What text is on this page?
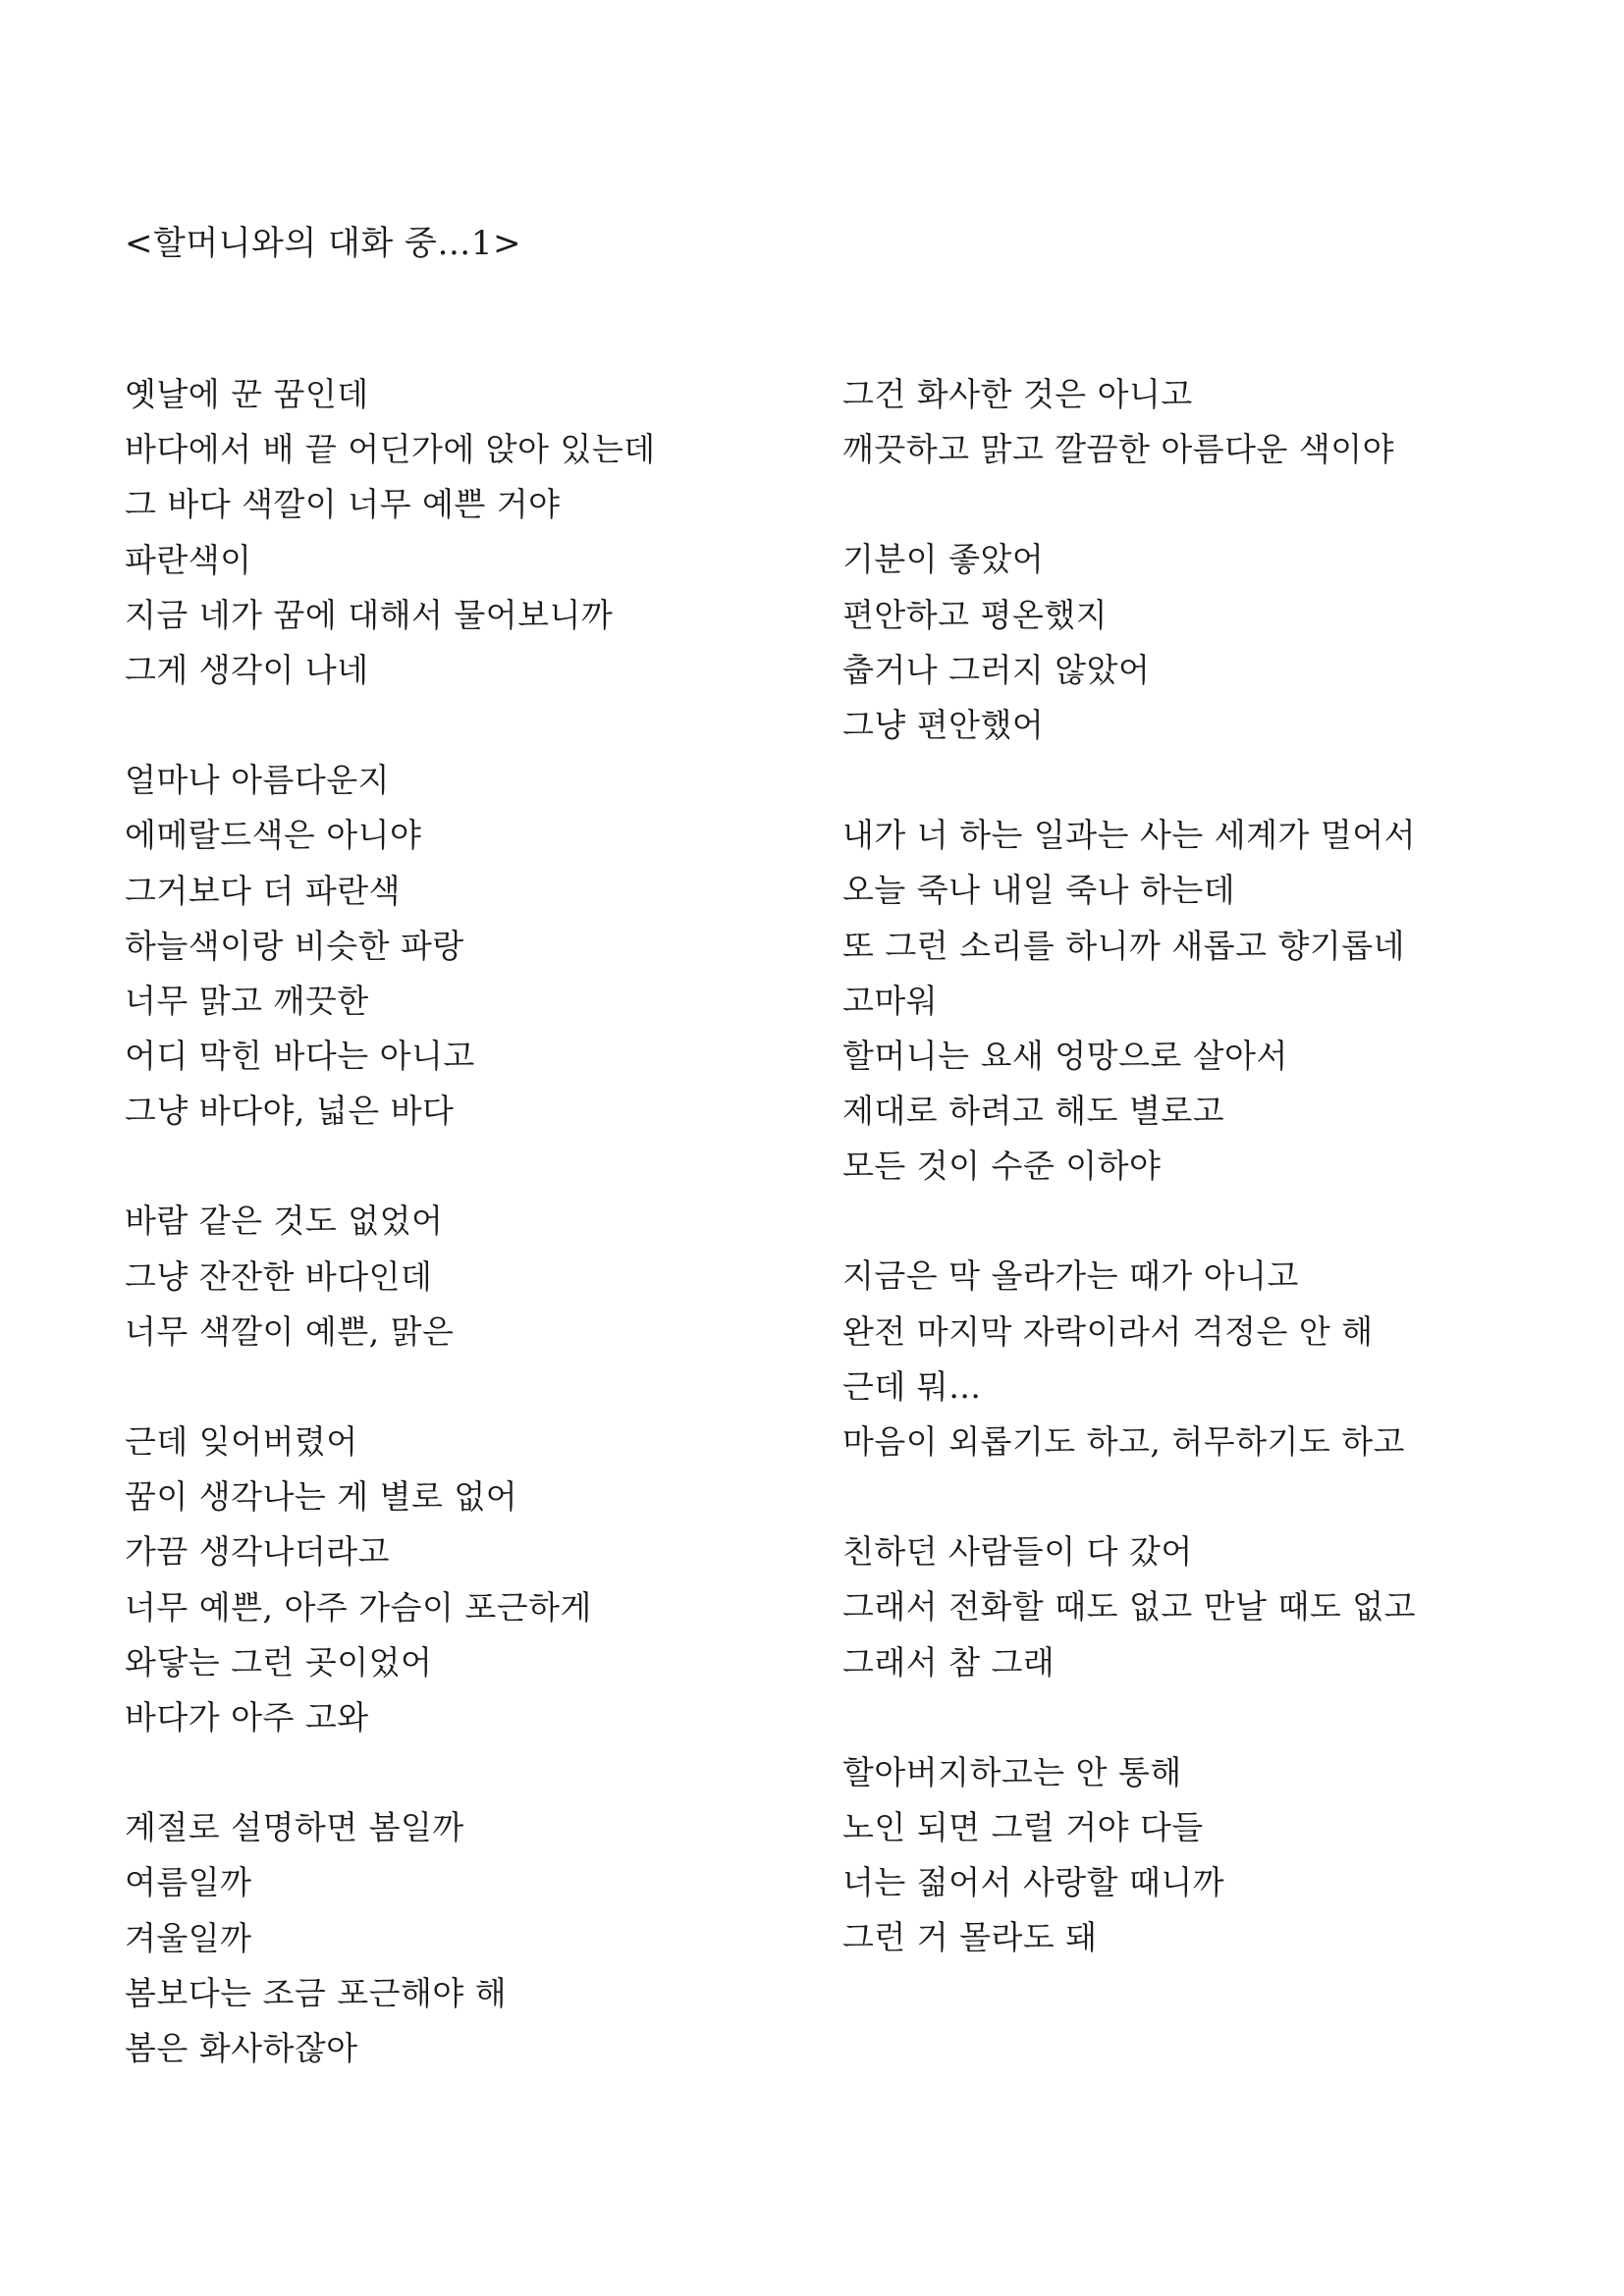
<할머니와의 대화 중…1>
옛날에 꾼 꿈인데
바다에서 배 끝 어딘가에 앉아 있는데
그 바다 색깔이 너무 예쁜 거야
파란색이
지금 네가 꿈에 대해서 물어보니까
그게 생각이 나네
얼마나 아름다운지
에메랄드색은 아니야
그거보다 더 파란색
하늘색이랑 비슷한 파랑
너무 맑고 깨끗한
어디 막힌 바다는 아니고
그냥 바다야, 넓은 바다
바람 같은 것도 없었어
그냥 잔잔한 바다인데
너무 색깔이 예쁜, 맑은
근데 잊어버렸어
꿈이 생각나는 게 별로 없어
가끔 생각나더라고
너무 예쁜, 아주 가슴이 포근하게
와닿는 그런 곳이었어
바다가 아주 고와
계절로 설명하면 봄일까
여름일까
겨울일까
봄보다는 조금 포근해야 해
봄은 화사하잖아
그건 화사한 것은 아니고
깨끗하고 맑고 깔끔한 아름다운 색이야
기분이 좋았어
편안하고 평온했지
춥거나 그러지 않았어
그냥 편안했어
내가 너 하는 일과는 사는 세계가 멀어서
오늘 죽나 내일 죽나 하는데
또 그런 소리를 하니까 새롭고 향기롭네
고마워
할머니는 요새 엉망으로 살아서
제대로 하려고 해도 별로고
모든 것이 수준 이하야
지금은 막 올라가는 때가 아니고
완전 마지막 자락이라서 걱정은 안 해
근데 뭐…
마음이 외롭기도 하고, 허무하기도 하고
친하던 사람들이 다 갔어
그래서 전화할 때도 없고 만날 때도 없고
그래서 참 그래
할아버지하고는 안 통해
노인 되면 그럴 거야 다들
너는 젊어서 사랑할 때니까
그런 거 몰라도 돼
